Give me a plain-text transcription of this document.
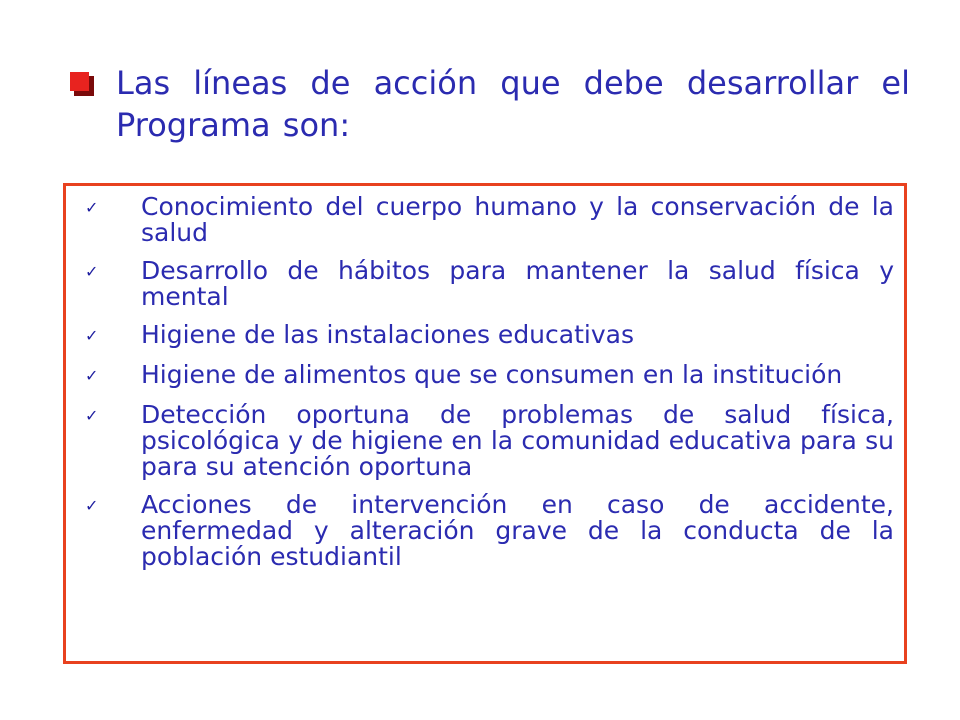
Las líneas de acción que debe desarrollar el Programa son:
✓	Conocimiento del cuerpo humano y la conservación de la salud
✓	Desarrollo de hábitos para mantener la salud física y mental
✓	Higiene de las instalaciones educativas
✓	Higiene de alimentos que se consumen en la institución
✓	Detección oportuna de problemas de salud física, psicológica y de higiene en la comunidad educativa para su para su atención oportuna
✓	Acciones de intervención en caso de accidente, enfermedad y alteración grave de la conducta de la población estudiantil
